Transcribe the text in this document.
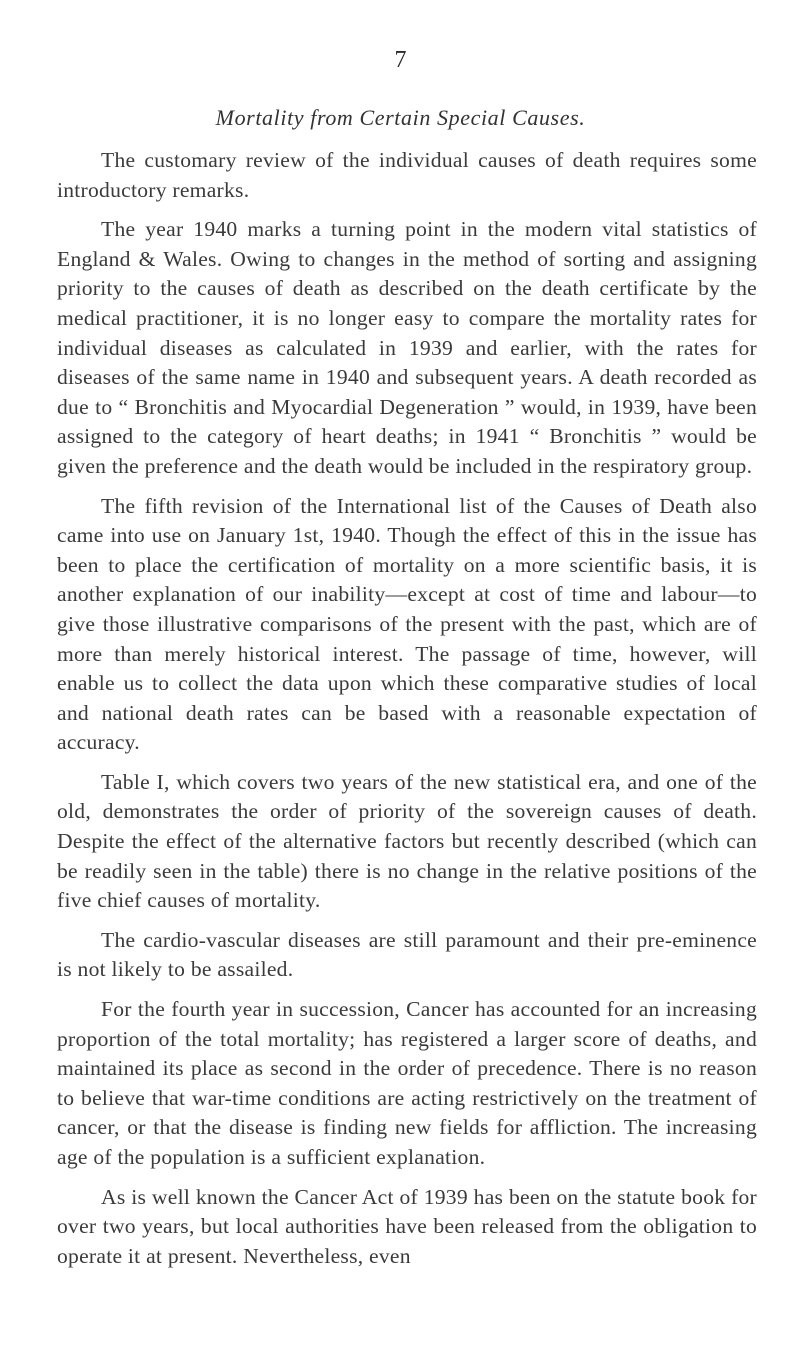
7
Mortality from Certain Special Causes.

The customary review of the individual causes of death requires some introductory remarks.

The year 1940 marks a turning point in the modern vital statistics of England & Wales. Owing to changes in the method of sorting and assigning priority to the causes of death as described on the death certificate by the medical practitioner, it is no longer easy to compare the mortality rates for individual diseases as calculated in 1939 and earlier, with the rates for diseases of the same name in 1940 and subsequent years. A death recorded as due to “ Bronchitis and Myocardial Degeneration ” would, in 1939, have been assigned to the category of heart deaths; in 1941 “ Bronchitis ” would be given the preference and the death would be included in the respiratory group.

The fifth revision of the International list of the Causes of Death also came into use on January 1st, 1940. Though the effect of this in the issue has been to place the certification of mortality on a more scientific basis, it is another explanation of our inability—except at cost of time and labour—to give those illustrative comparisons of the present with the past, which are of more than merely historical interest. The passage of time, however, will enable us to collect the data upon which these comparative studies of local and national death rates can be based with a reasonable expectation of accuracy.

Table I, which covers two years of the new statistical era, and one of the old, demonstrates the order of priority of the sovereign causes of death. Despite the effect of the alternative factors but recently described (which can be readily seen in the table) there is no change in the relative positions of the five chief causes of mortality.

The cardio-vascular diseases are still paramount and their pre-eminence is not likely to be assailed.

For the fourth year in succession, Cancer has accounted for an increasing proportion of the total mortality; has registered a larger score of deaths, and maintained its place as second in the order of precedence. There is no reason to believe that war-time conditions are acting restrictively on the treatment of cancer, or that the disease is finding new fields for affliction. The increasing age of the population is a sufficient explanation.

As is well known the Cancer Act of 1939 has been on the statute book for over two years, but local authorities have been released from the obligation to operate it at present. Nevertheless, even
